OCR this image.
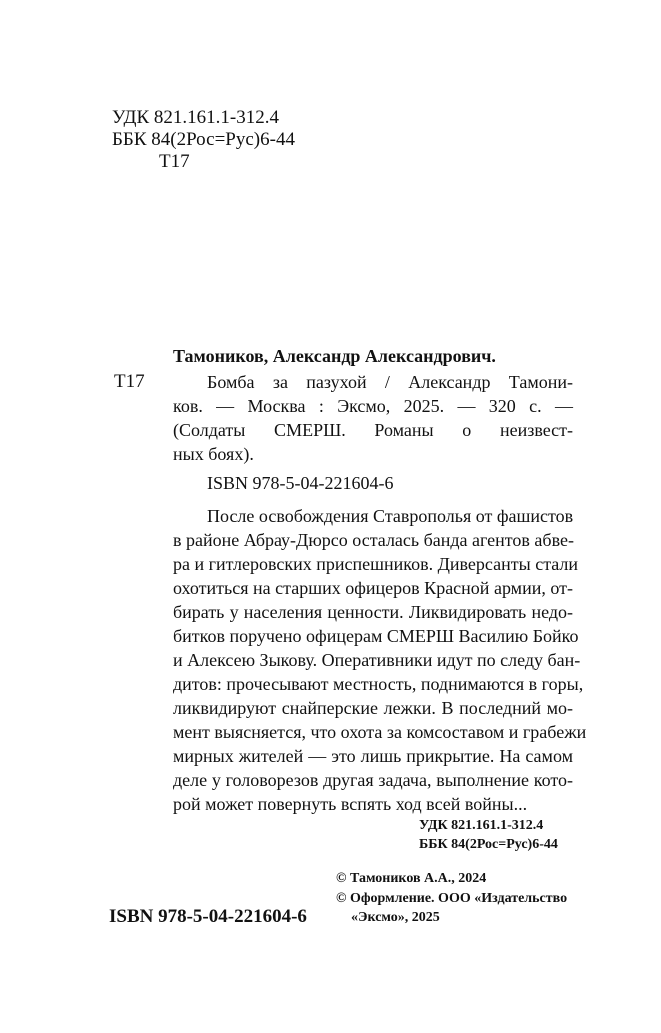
УДК 821.161.1-312.4
ББК 84(2Рос=Рус)6-44
Т17
Тамоников, Александр Александрович.
Т17	Бомба за пазухой / Александр Тамони-
ков. — Москва : Эксмо, 2025. — 320 с. —
(Солдаты СМЕРШ. Романы о неизвест-
ных боях).
ISBN 978-5-04-221604-6
После освобождения Ставрополья от фашистов
в районе Абрау-Дюрсо осталась банда агентов абве-
ра и гитлеровских приспешников. Диверсанты стали
охотиться на старших офицеров Красной армии, от-
бирать у населения ценности. Ликвидировать недо-
битков поручено офицерам СМЕРШ Василию Бойко
и Алексею Зыкову. Оперативники идут по следу бан-
дитов: прочесывают местность, поднимаются в горы,
ликвидируют снайперские лежки. В последний мо-
мент выясняется, что охота за комсоставом и грабежи
мирных жителей — это лишь прикрытие. На самом
деле у головорезов другая задача, выполнение кото-
рой может повернуть вспять ход всей войны...
УДК 821.161.1-312.4
ББК 84(2Рос=Рус)6-44
© Тамоников А.А., 2024
© Оформление. ООО «Издательство
«Эксмо», 2025
ISBN 978-5-04-221604-6
